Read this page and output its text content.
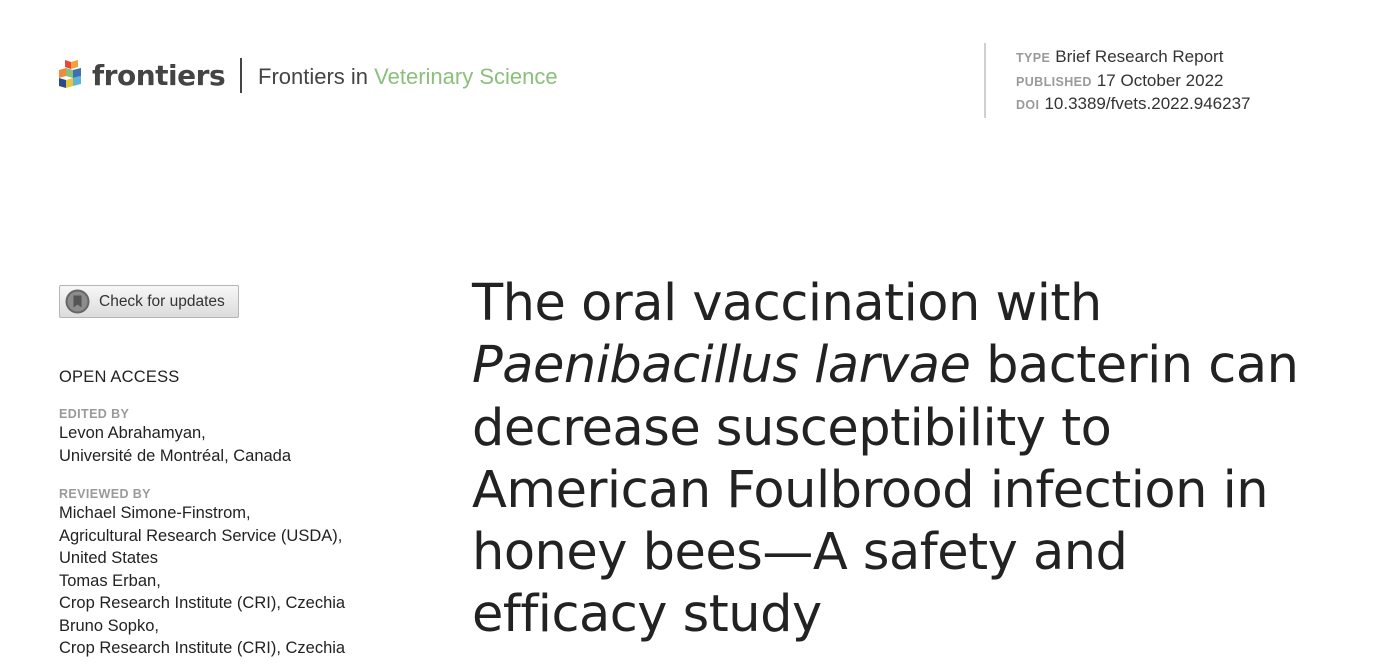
frontiers Frontiers in Veterinary Science
TYPE Brief Research Report
PUBLISHED 17 October 2022
DOI 10.3389/fvets.2022.946237
Check for updates
OPEN ACCESS
EDITED BY
Levon Abrahamyan,
Université de Montréal, Canada
REVIEWED BY
Michael Simone-Finstrom,
Agricultural Research Service (USDA),
United States
Tomas Erban,
Crop Research Institute (CRI), Czechia
Bruno Sopko,
Crop Research Institute (CRI), Czechia
The oral vaccination with
Paenibacillus larvae bacterin can
decrease susceptibility to
American Foulbrood infection in
honey bees—A safety and
efficacy study
